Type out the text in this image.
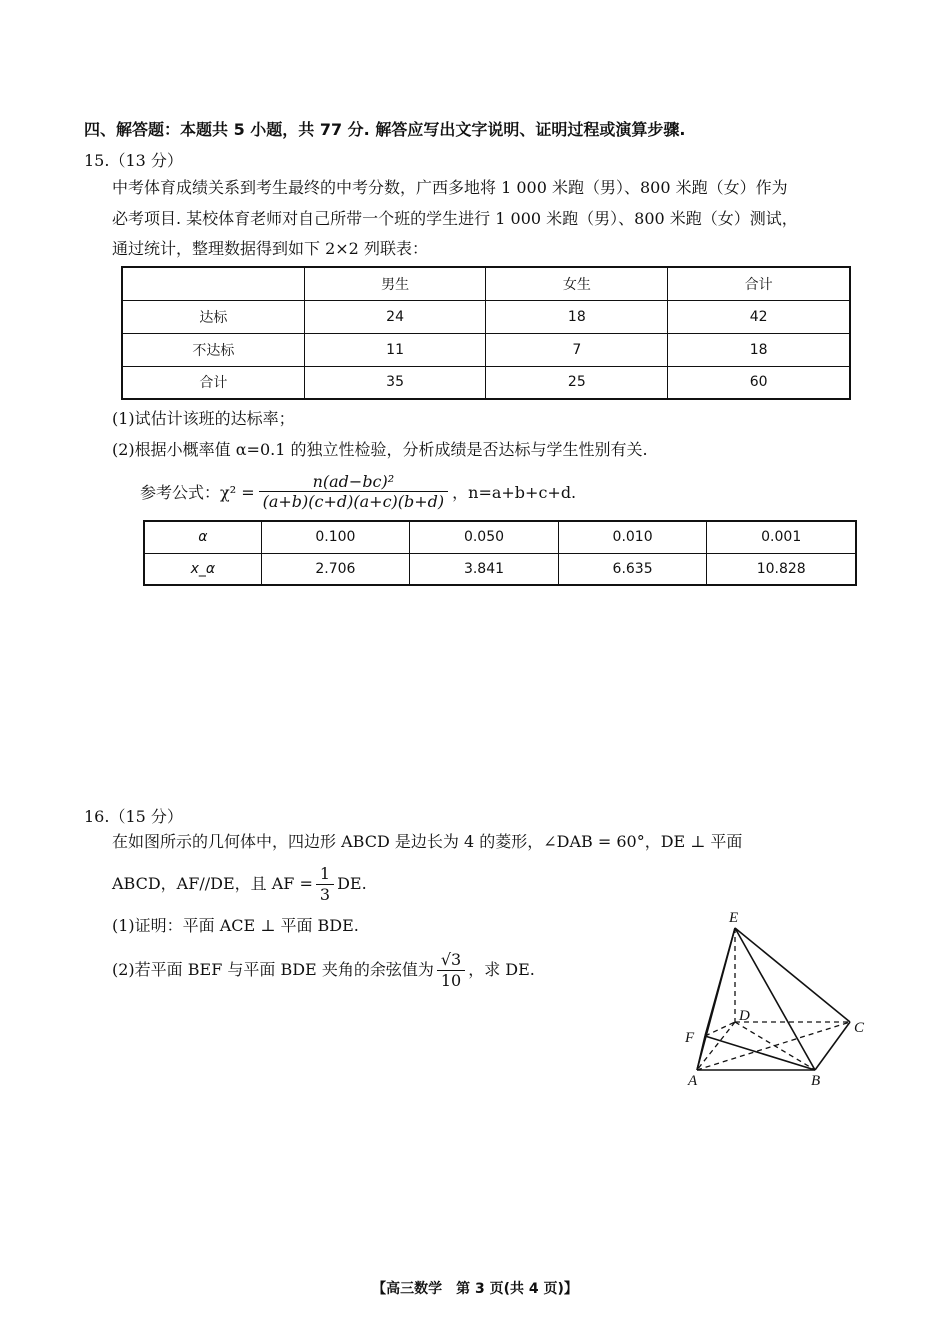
四、解答题：本题共 5 小题，共 77 分. 解答应写出文字说明、证明过程或演算步骤.
15.（13 分）
中考体育成绩关系到考生最终的中考分数，广西多地将 1 000 米跑（男）、800 米跑（女）作为
必考项目. 某校体育老师对自己所带一个班的学生进行 1 000 米跑（男）、800 米跑（女）测试，
通过统计，整理数据得到如下 2×2 列联表：
	男生	女生	合计
达标	24	18	42
不达标	11	7	18
合计	35	25	60
(1)试估计该班的达标率；
(2)根据小概率值 α=0.1 的独立性检验，分析成绩是否达标与学生性别有关.
参考公式：$\chi^2 = \frac{\text{n(ad−bc)²}}{(a+b)(c+d)(a+c)(b+d)}$ ，n=a+b+c+d.
α	0.100	0.050	0.010	0.001
x_α	2.706	3.841	6.635	10.828
16.（15 分）
在如图所示的几何体中，四边形 ABCD 是边长为 4 的菱形，∠DAB = 60°，DE ⊥ 平面
ABCD，AF//DE，且 AF = $\frac{1}{3}$ DE.
(1)证明：平面 ACE ⊥ 平面 BDE.
(2)若平面 BEF 与平面 BDE 夹角的余弦值为 $\frac{√3}{10}$ ，求 DE.
E
D
C
F
A	B
【高三数学　第 3 页(共 4 页)】
